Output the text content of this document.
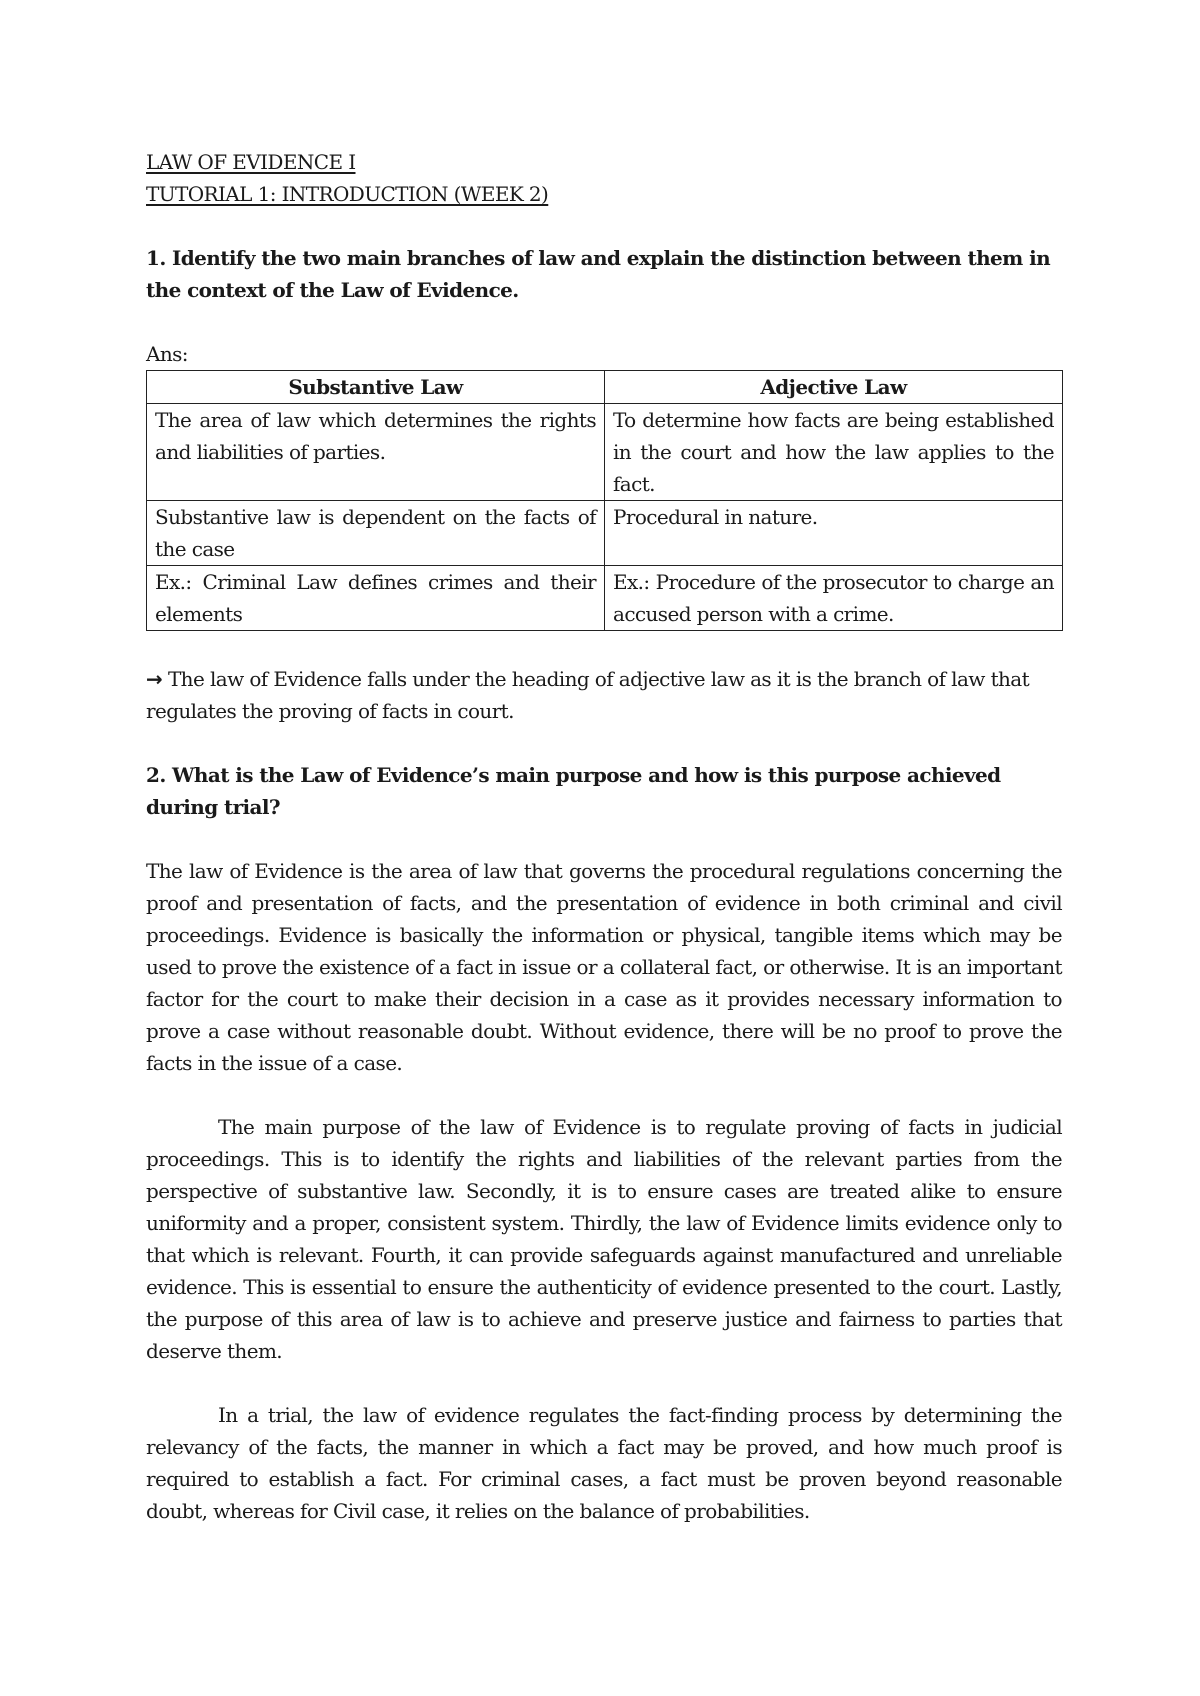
LAW OF EVIDENCE I

TUTORIAL 1: INTRODUCTION (WEEK 2)

1. Identify the two main branches of law and explain the distinction between them in the context of the Law of Evidence.

Ans:

Substantive Law	Adjective Law
The area of law which determines the rights and liabilities of parties.	To determine how facts are being established in the court and how the law applies to the fact.
Substantive law is dependent on the facts of the case	Procedural in nature.
Ex.: Criminal Law defines crimes and their elements	Ex.: Procedure of the prosecutor to charge an accused person with a crime.

→ The law of Evidence falls under the heading of adjective law as it is the branch of law that regulates the proving of facts in court.

2. What is the Law of Evidence’s main purpose and how is this purpose achieved during trial?

The law of Evidence is the area of law that governs the procedural regulations concerning the proof and presentation of facts, and the presentation of evidence in both criminal and civil proceedings. Evidence is basically the information or physical, tangible items which may be used to prove the existence of a fact in issue or a collateral fact, or otherwise. It is an important factor for the court to make their decision in a case as it provides necessary information to prove a case without reasonable doubt. Without evidence, there will be no proof to prove the facts in the issue of a case.

The main purpose of the law of Evidence is to regulate proving of facts in judicial proceedings. This is to identify the rights and liabilities of the relevant parties from the perspective of substantive law. Secondly, it is to ensure cases are treated alike to ensure uniformity and a proper, consistent system. Thirdly, the law of Evidence limits evidence only to that which is relevant. Fourth, it can provide safeguards against manufactured and unreliable evidence. This is essential to ensure the authenticity of evidence presented to the court. Lastly, the purpose of this area of law is to achieve and preserve justice and fairness to parties that deserve them.

In a trial, the law of evidence regulates the fact-finding process by determining the relevancy of the facts, the manner in which a fact may be proved, and how much proof is required to establish a fact. For criminal cases, a fact must be proven beyond reasonable doubt, whereas for Civil case, it relies on the balance of probabilities.
